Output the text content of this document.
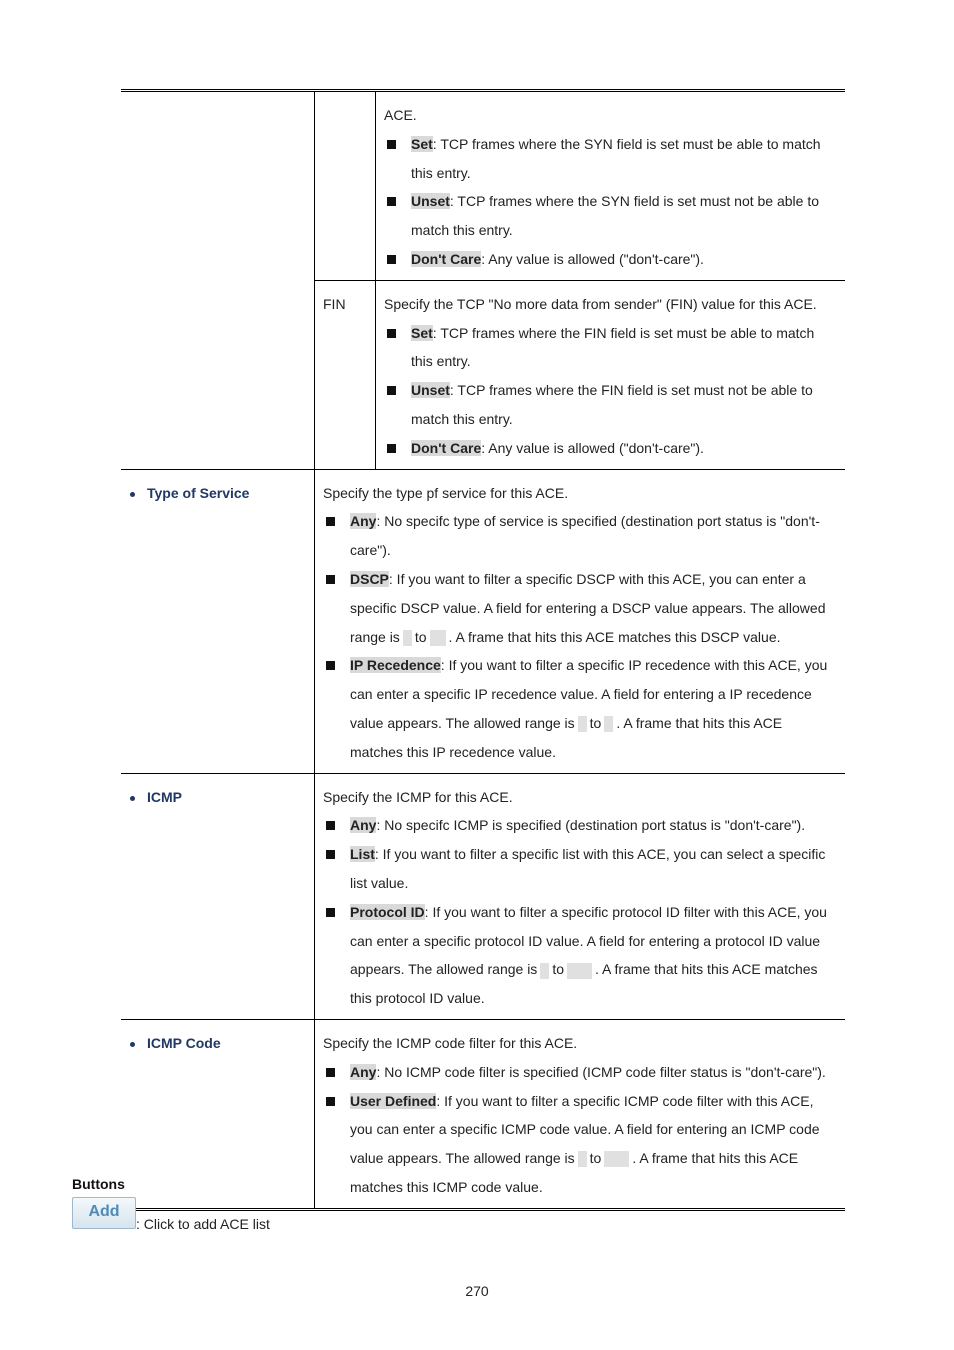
		ACE.

Set: TCP frames where the SYN field is set must be able to match this entry.
Unset: TCP frames where the SYN field is set must not be able to match this entry.
Don't Care: Any value is allowed ("don't-care").

	FIN	Specify the TCP "No more data from sender" (FIN) value for this ACE.

Set: TCP frames where the FIN field is set must be able to match this entry.
Unset: TCP frames where the FIN field is set must not be able to match this entry.
Don't Care: Any value is allowed ("don't-care").

Type of Service	Specify the type pf service for this ACE.

Any: No specifc type of service is specified (destination port status is "don't-care").
DSCP: If you want to filter a specific DSCP with this ACE, you can enter a specific DSCP value. A field for entering a DSCP value appears. The allowed range is to . A frame that hits this ACE matches this DSCP value.
IP Recedence: If you want to filter a specific IP recedence with this ACE, you can enter a specific IP recedence value. A field for entering a IP recedence value appears. The allowed range is to . A frame that hits this ACE matches this IP recedence value.	

ICMP	Specify the ICMP for this ACE.

Any: No specifc ICMP is specified (destination port status is "don't-care").
List: If you want to filter a specific list with this ACE, you can select a specific list value.
Protocol ID: If you want to filter a specific protocol ID filter with this ACE, you can enter a specific protocol ID value. A field for entering a protocol ID value appears. The allowed range is to . A frame that hits this ACE matches this protocol ID value.	

ICMP Code	Specify the ICMP code filter for this ACE.

Any: No ICMP code filter is specified (ICMP code filter status is "don't-care").
User Defined: If you want to filter a specific ICMP code filter with this ACE, you can enter a specific ICMP code value. A field for entering an ICMP code value appears. The allowed range is to . A frame that hits this ACE matches this ICMP code value.	
Buttons
Add
: Click to add ACE list
270
